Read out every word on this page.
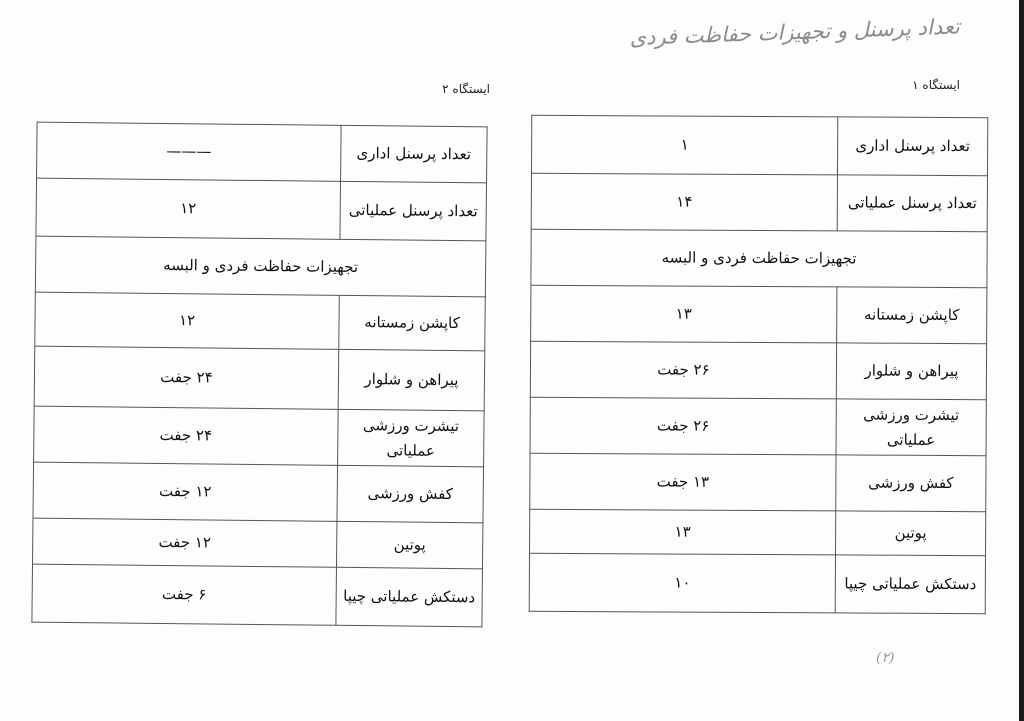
تعداد پرسنل و تجهیزات حفاظت فردی
ایستگاه ۱
ایستگاه ۲
تعداد پرسنل اداری	۱
تعداد پرسنل عملیاتی	۱۴
تجهیزات حفاظت فردی و البسه	
کاپشن زمستانه	۱۳
پیراهن و شلوار	۲۶ جفت
تیشرت ورزشی عملیاتی	۲۶ جفت
کفش ورزشی	۱۳ جفت
پوتین	۱۳
دستکش عملیاتی چیپا	۱۰
تعداد پرسنل اداری	———
تعداد پرسنل عملیاتی	۱۲
تجهیزات حفاظت فردی و البسه	
کاپشن زمستانه	۱۲
پیراهن و شلوار	۲۴ جفت
تیشرت ورزشی عملیاتی	۲۴ جفت
کفش ورزشی	۱۲ جفت
پوتین	۱۲ جفت
دستکش عملیاتی چیپا	۶ جفت
(۲)
